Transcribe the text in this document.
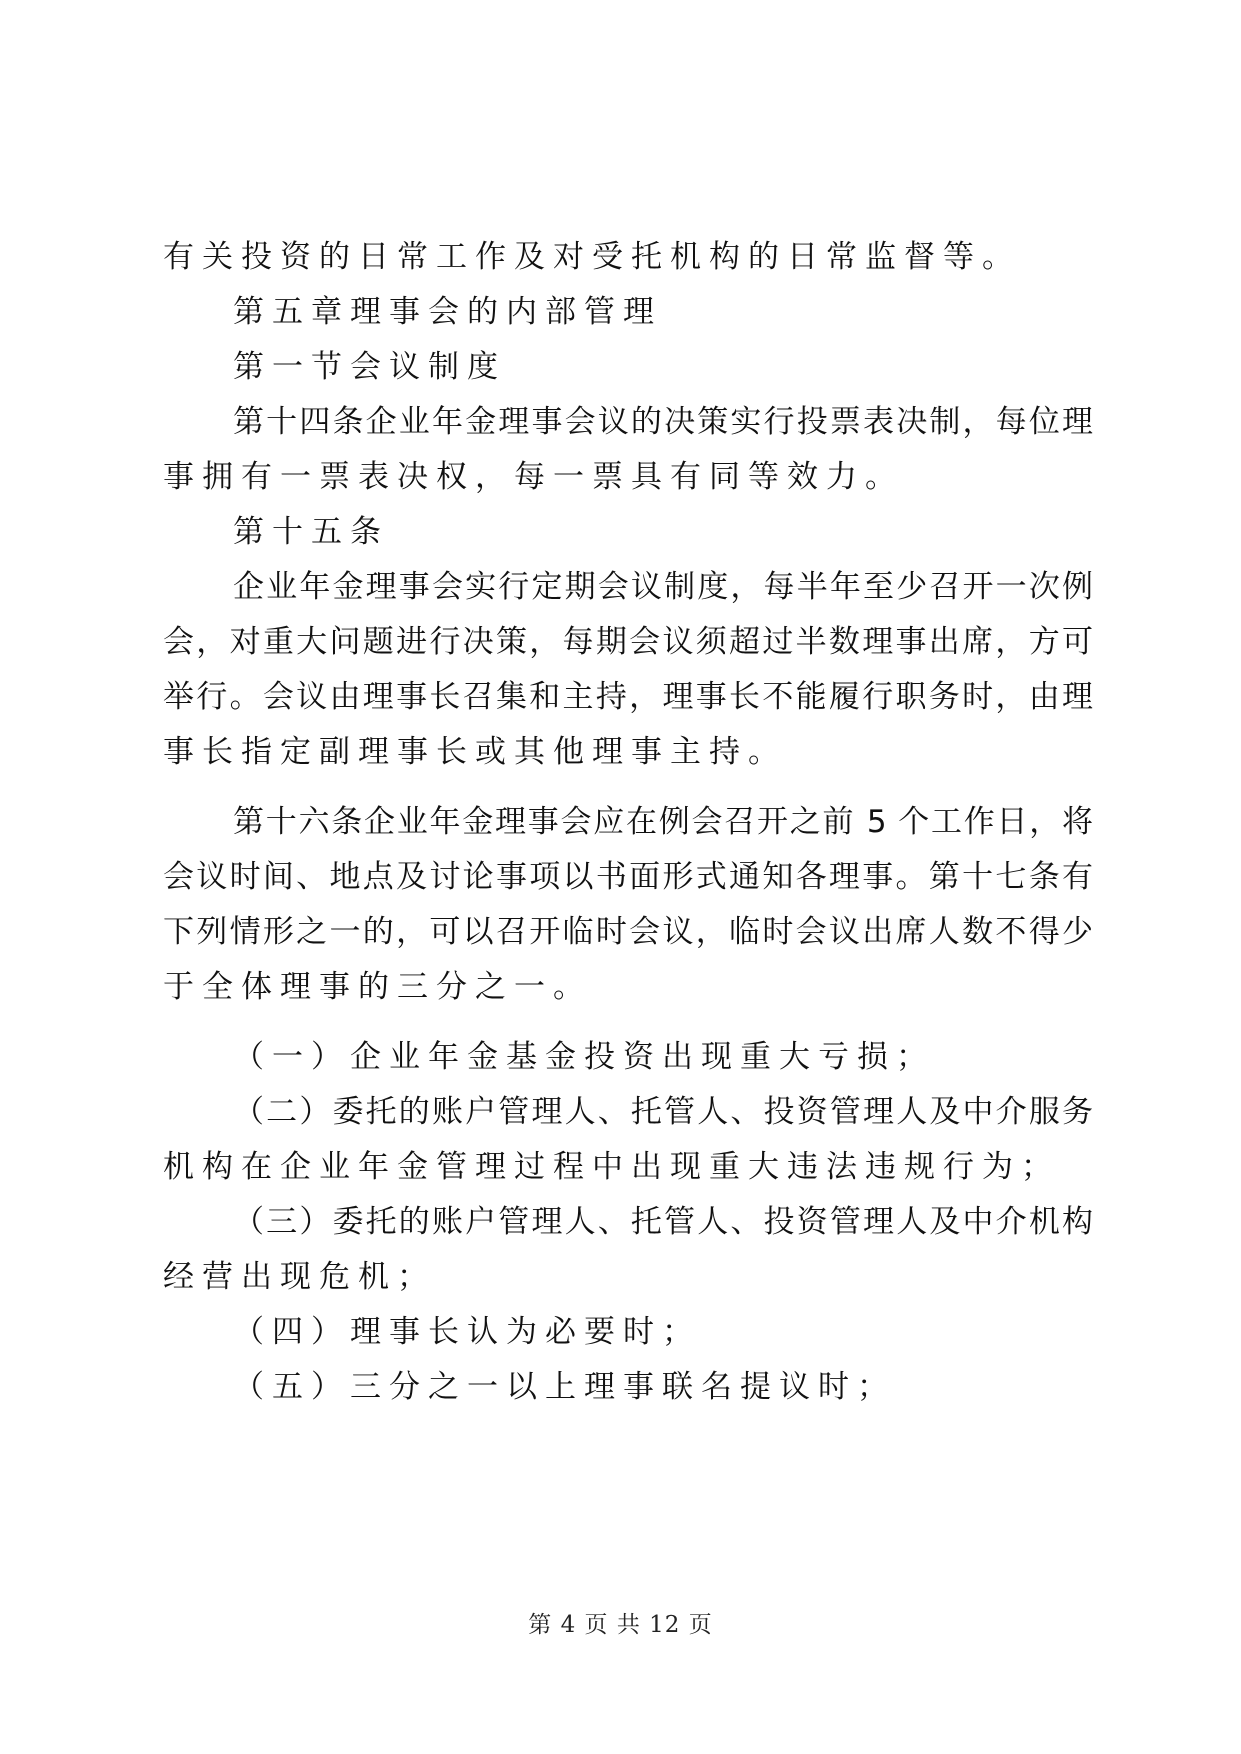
有关投资的日常工作及对受托机构的日常监督等。
第五章理事会的内部管理
第一节会议制度
第十四条企业年金理事会议的决策实行投票表决制，每位理
事拥有一票表决权，每一票具有同等效力。
第十五条
企业年金理事会实行定期会议制度，每半年至少召开一次例
会，对重大问题进行决策，每期会议须超过半数理事出席，方可
举行。会议由理事长召集和主持，理事长不能履行职务时，由理
事长指定副理事长或其他理事主持。
第十六条企业年金理事会应在例会召开之前 5 个工作日，将
会议时间、地点及讨论事项以书面形式通知各理事。第十七条有
下列情形之一的，可以召开临时会议，临时会议出席人数不得少
于全体理事的三分之一。
（一）企业年金基金投资出现重大亏损；
（二）委托的账户管理人、托管人、投资管理人及中介服务
机构在企业年金管理过程中出现重大违法违规行为；
（三）委托的账户管理人、托管人、投资管理人及中介机构
经营出现危机；
（四）理事长认为必要时；
（五）三分之一以上理事联名提议时；
第 4 页 共 12 页
